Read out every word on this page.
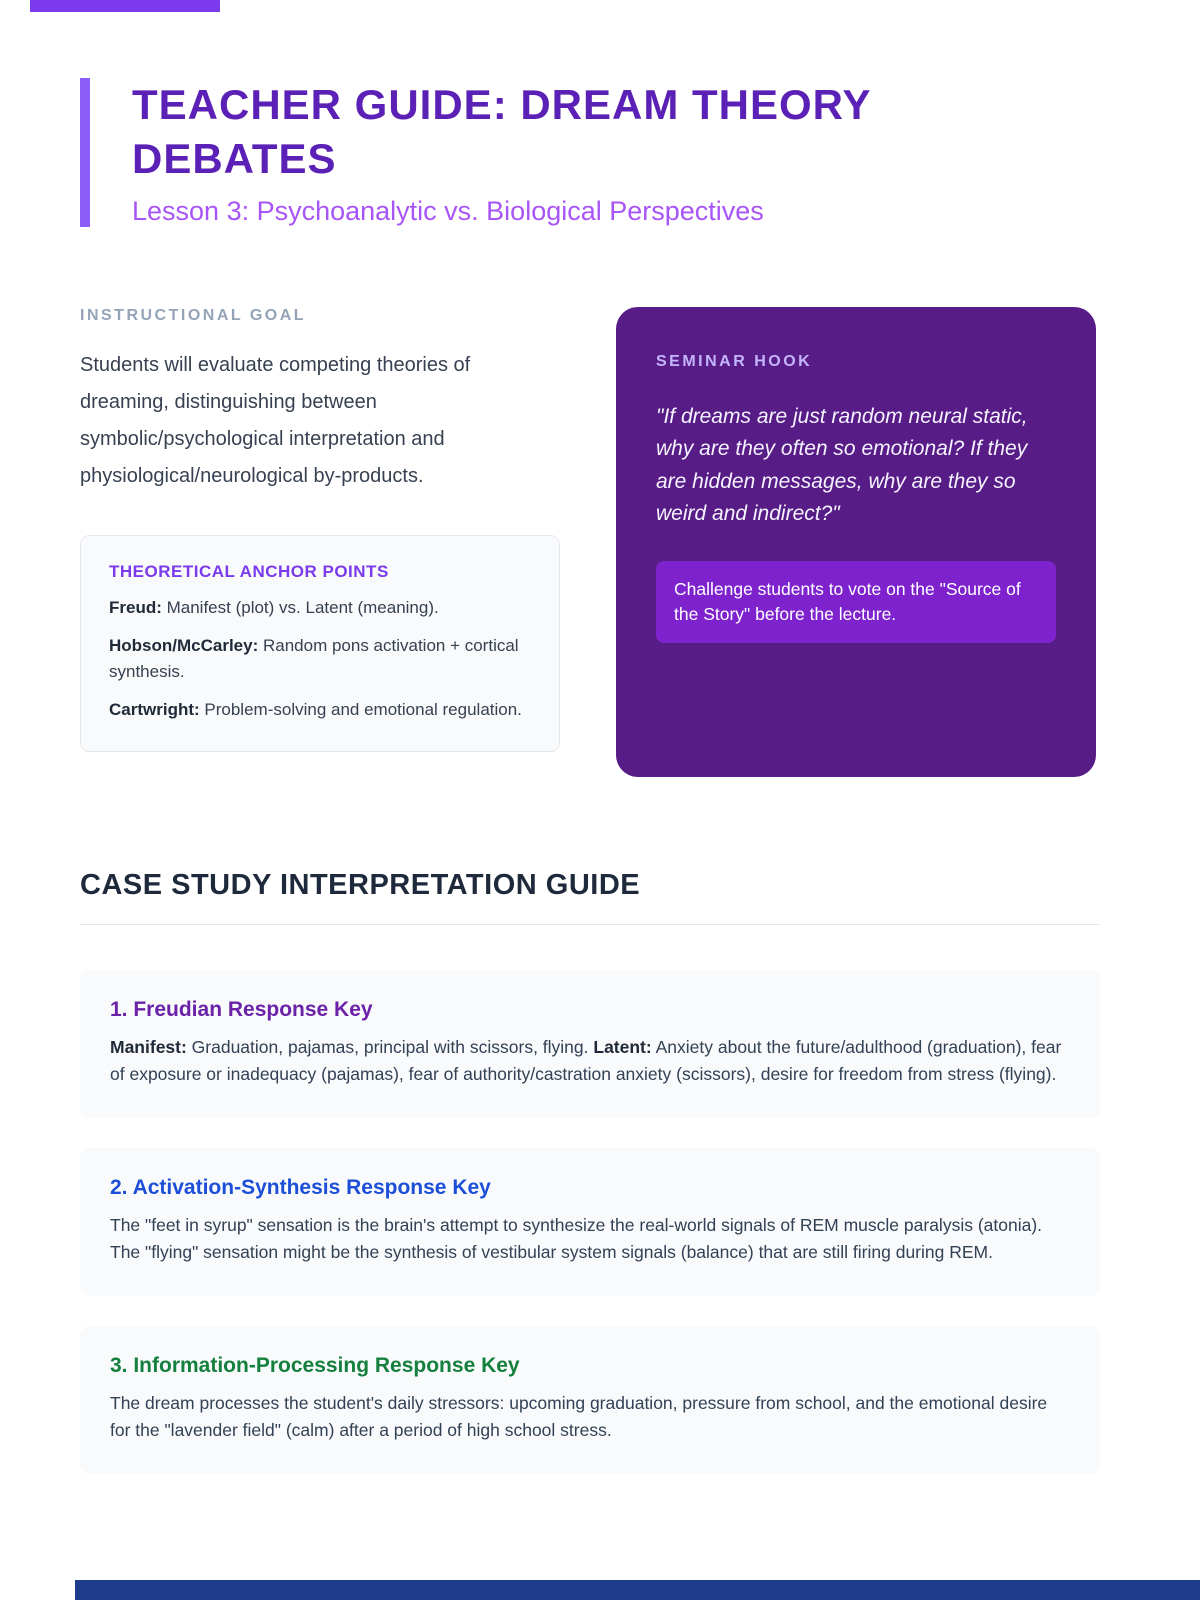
TEACHER GUIDE: DREAM THEORY DEBATES
Lesson 3: Psychoanalytic vs. Biological Perspectives
INSTRUCTIONAL GOAL

Students will evaluate competing theories of dreaming, distinguishing between symbolic/psychological interpretation and physiological/neurological by-products.

THEORETICAL ANCHOR POINTS
Freud: Manifest (plot) vs. Latent (meaning).
Hobson/McCarley: Random pons activation + cortical synthesis.
Cartwright: Problem-solving and emotional regulation.
SEMINAR HOOK

"If dreams are just random neural static, why are they often so emotional? If they are hidden messages, why are they so weird and indirect?"

Challenge students to vote on the "Source of the Story" before the lecture.
CASE STUDY INTERPRETATION GUIDE
1. Freudian Response Key

Manifest: Graduation, pajamas, principal with scissors, flying. Latent: Anxiety about the future/adulthood (graduation), fear of exposure or inadequacy (pajamas), fear of authority/castration anxiety (scissors), desire for freedom from stress (flying).

2. Activation-Synthesis Response Key

The "feet in syrup" sensation is the brain's attempt to synthesize the real-world signals of REM muscle paralysis (atonia). The "flying" sensation might be the synthesis of vestibular system signals (balance) that are still firing during REM.

3. Information-Processing Response Key

The dream processes the student's daily stressors: upcoming graduation, pressure from school, and the emotional desire for the "lavender field" (calm) after a period of high school stress.
